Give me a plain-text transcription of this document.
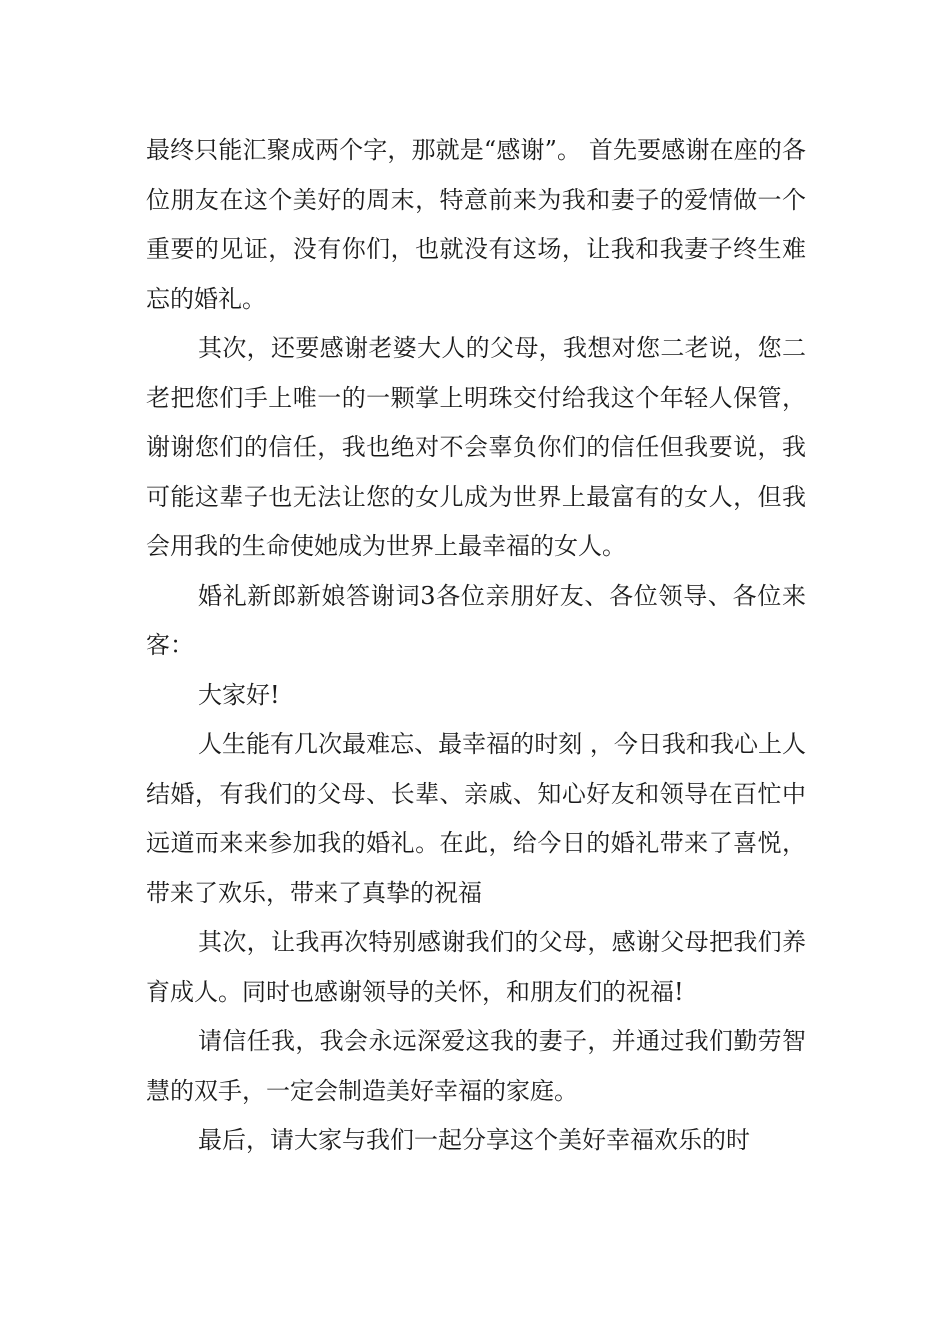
最终只能汇聚成两个字，那就是“感谢”。 首先要感谢在座的各位朋友在这个美好的周末，特意前来为我和妻子的爱情做一个重要的见证，没有你们，也就没有这场，让我和我妻子终生难忘的婚礼。

其次，还要感谢老婆大人的父母，我想对您二老说，您二老把您们手上唯一的一颗掌上明珠交付给我这个年轻人保管，谢谢您们的信任，我也绝对不会辜负你们的信任但我要说，我可能这辈子也无法让您的女儿成为世界上最富有的女人，但我会用我的生命使她成为世界上最幸福的女人。

婚礼新郎新娘答谢词3各位亲朋好友、各位领导、各位来客：

大家好!

人生能有几次最难忘、最幸福的时刻 ，今日我和我心上人结婚，有我们的父母、长辈、亲戚、知心好友和领导在百忙中远道而来来参加我的婚礼。在此，给今日的婚礼带来了喜悦，带来了欢乐，带来了真挚的祝福

其次，让我再次特别感谢我们的父母，感谢父母把我们养育成人。同时也感谢领导的关怀，和朋友们的祝福!

请信任我，我会永远深爱这我的妻子，并通过我们勤劳智慧的双手，一定会制造美好幸福的家庭。

最后，请大家与我们一起分享这个美好幸福欢乐的时
